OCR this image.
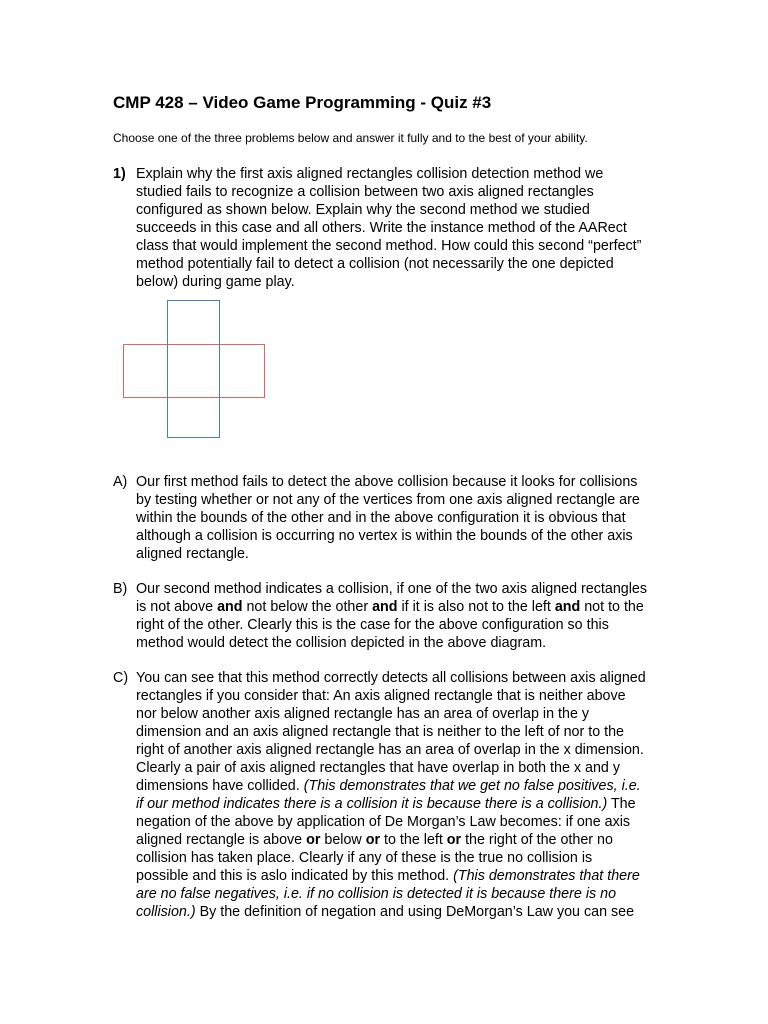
CMP 428 – Video Game Programming - Quiz #3
Choose one of the three problems below and answer it fully and to the best of your ability.
1) Explain why the first axis aligned rectangles collision detection method we
studied fails to recognize a collision between two axis aligned rectangles
configured as shown below. Explain why the second method we studied
succeeds in this case and all others. Write the instance method of the AARect
class that would implement the second method. How could this second “perfect”
method potentially fail to detect a collision (not necessarily the one depicted
below) during game play.
A) Our first method fails to detect the above collision because it looks for collisions
by testing whether or not any of the vertices from one axis aligned rectangle are
within the bounds of the other and in the above configuration it is obvious that
although a collision is occurring no vertex is within the bounds of the other axis
aligned rectangle.
B) Our second method indicates a collision, if one of the two axis aligned rectangles
is not above and not below the other and if it is also not to the left and not to the
right of the other. Clearly this is the case for the above configuration so this
method would detect the collision depicted in the above diagram.
C) You can see that this method correctly detects all collisions between axis aligned
rectangles if you consider that: An axis aligned rectangle that is neither above
nor below another axis aligned rectangle has an area of overlap in the y
dimension and an axis aligned rectangle that is neither to the left of nor to the
right of another axis aligned rectangle has an area of overlap in the x dimension.
Clearly a pair of axis aligned rectangles that have overlap in both the x and y
dimensions have collided. (This demonstrates that we get no false positives, i.e.
if our method indicates there is a collision it is because there is a collision.) The
negation of the above by application of De Morgan’s Law becomes: if one axis
aligned rectangle is above or below or to the left or the right of the other no
collision has taken place. Clearly if any of these is the true no collision is
possible and this is aslo indicated by this method. (This demonstrates that there
are no false negatives, i.e. if no collision is detected it is because there is no
collision.) By the definition of negation and using DeMorgan’s Law you can see
